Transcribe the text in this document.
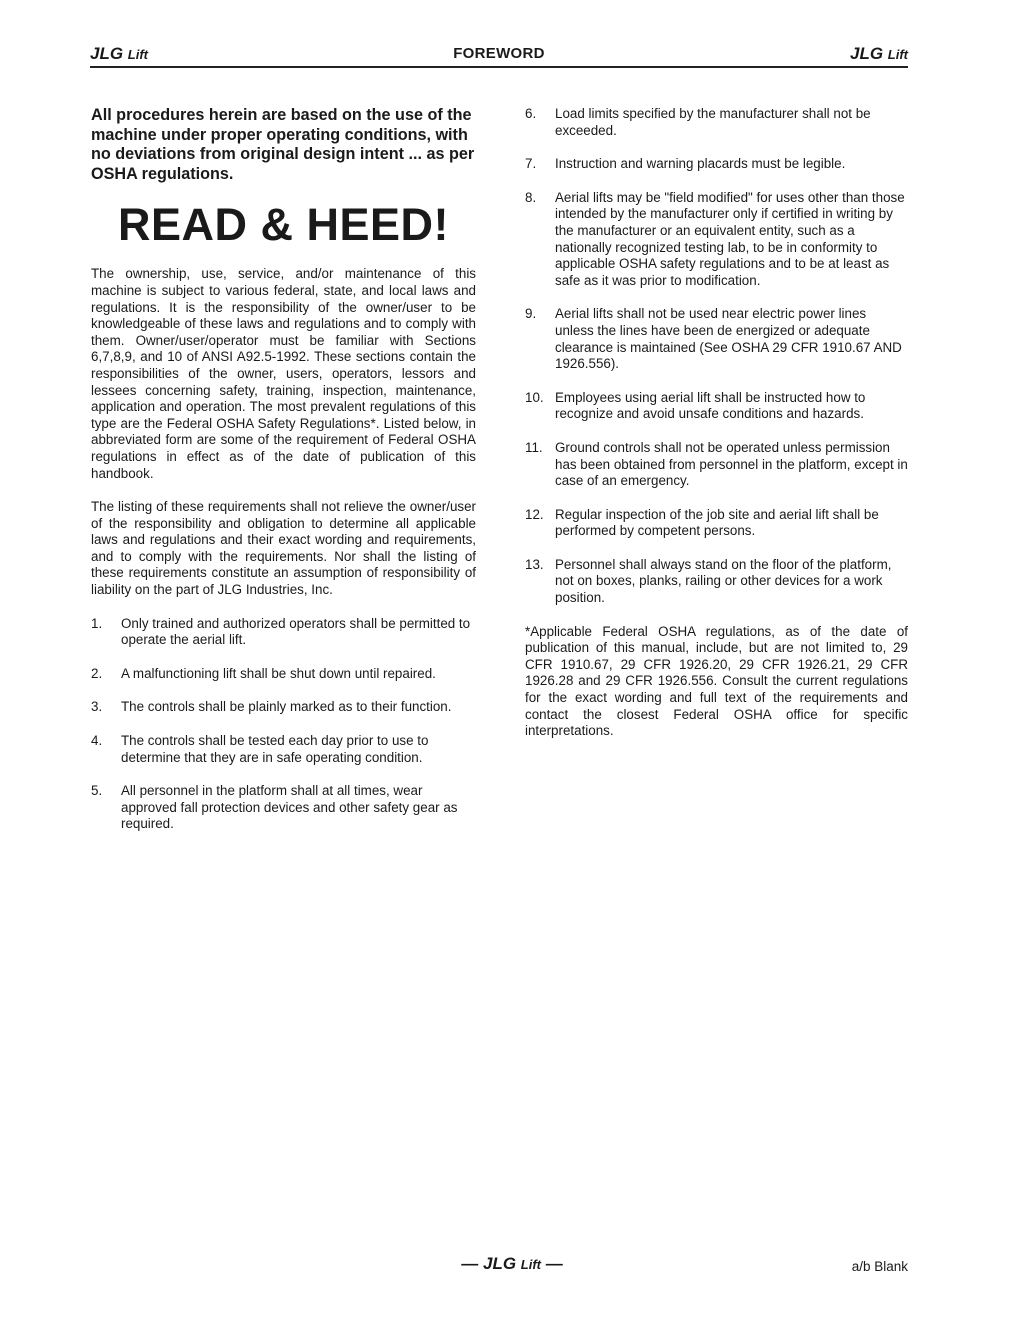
JLG Lift	FOREWORD	JLG Lift

All procedures herein are based on the use of the machine under proper operating conditions, with no deviations from original design intent ... as per OSHA regulations.

READ & HEED!

The ownership, use, service, and/or maintenance of this machine is subject to various federal, state, and local laws and regulations. It is the responsibility of the owner/user to be knowledgeable of these laws and regulations and to comply with them. Owner/user/operator must be familiar with Sections 6,7,8,9, and 10 of ANSI A92.5-1992. These sections contain the responsibilities of the owner, users, operators, lessors and lessees concerning safety, training, inspection, maintenance, application and operation. The most prevalent regulations of this type are the Federal OSHA Safety Regulations*. Listed below, in abbreviated form are some of the requirement of Federal OSHA regulations in effect as of the date of publication of this handbook.

The listing of these requirements shall not relieve the owner/user of the responsibility and obligation to determine all applicable laws and regulations and their exact wording and requirements, and to comply with the requirements. Nor shall the listing of these requirements constitute an assumption of responsibility of liability on the part of JLG Industries, Inc.

1.	Only trained and authorized operators shall be permitted to operate the aerial lift.
2.	A malfunctioning lift shall be shut down until repaired.
3.	The controls shall be plainly marked as to their function.
4.	The controls shall be tested each day prior to use to determine that they are in safe operating condition.
5.	All personnel in the platform shall at all times, wear approved fall protection devices and other safety gear as required.
6.	Load limits specified by the manufacturer shall not be exceeded.
7.	Instruction and warning placards must be legible.
8.	Aerial lifts may be "field modified" for uses other than those intended by the manufacturer only if certified in writing by the manufacturer or an equivalent entity, such as a nationally recognized testing lab, to be in conformity to applicable OSHA safety regulations and to be at least as safe as it was prior to modification.
9.	Aerial lifts shall not be used near electric power lines unless the lines have been de energized or adequate clearance is maintained (See OSHA 29 CFR 1910.67 AND 1926.556).
10. Employees using aerial lift shall be instructed how to recognize and avoid unsafe conditions and hazards.
11. Ground controls shall not be operated unless permission has been obtained from personnel in the platform, except in case of an emergency.
12. Regular inspection of the job site and aerial lift shall be performed by competent persons.
13. Personnel shall always stand on the floor of the platform, not on boxes, planks, railing or other devices for a work position.

*Applicable Federal OSHA regulations, as of the date of publication of this manual, include, but are not limited to, 29 CFR 1910.67, 29 CFR 1926.20, 29 CFR 1926.21, 29 CFR 1926.28 and 29 CFR 1926.556. Consult the current regulations for the exact wording and full text of the requirements and contact the closest Federal OSHA office for specific interpretations.

— JLG Lift —	a/b Blank
